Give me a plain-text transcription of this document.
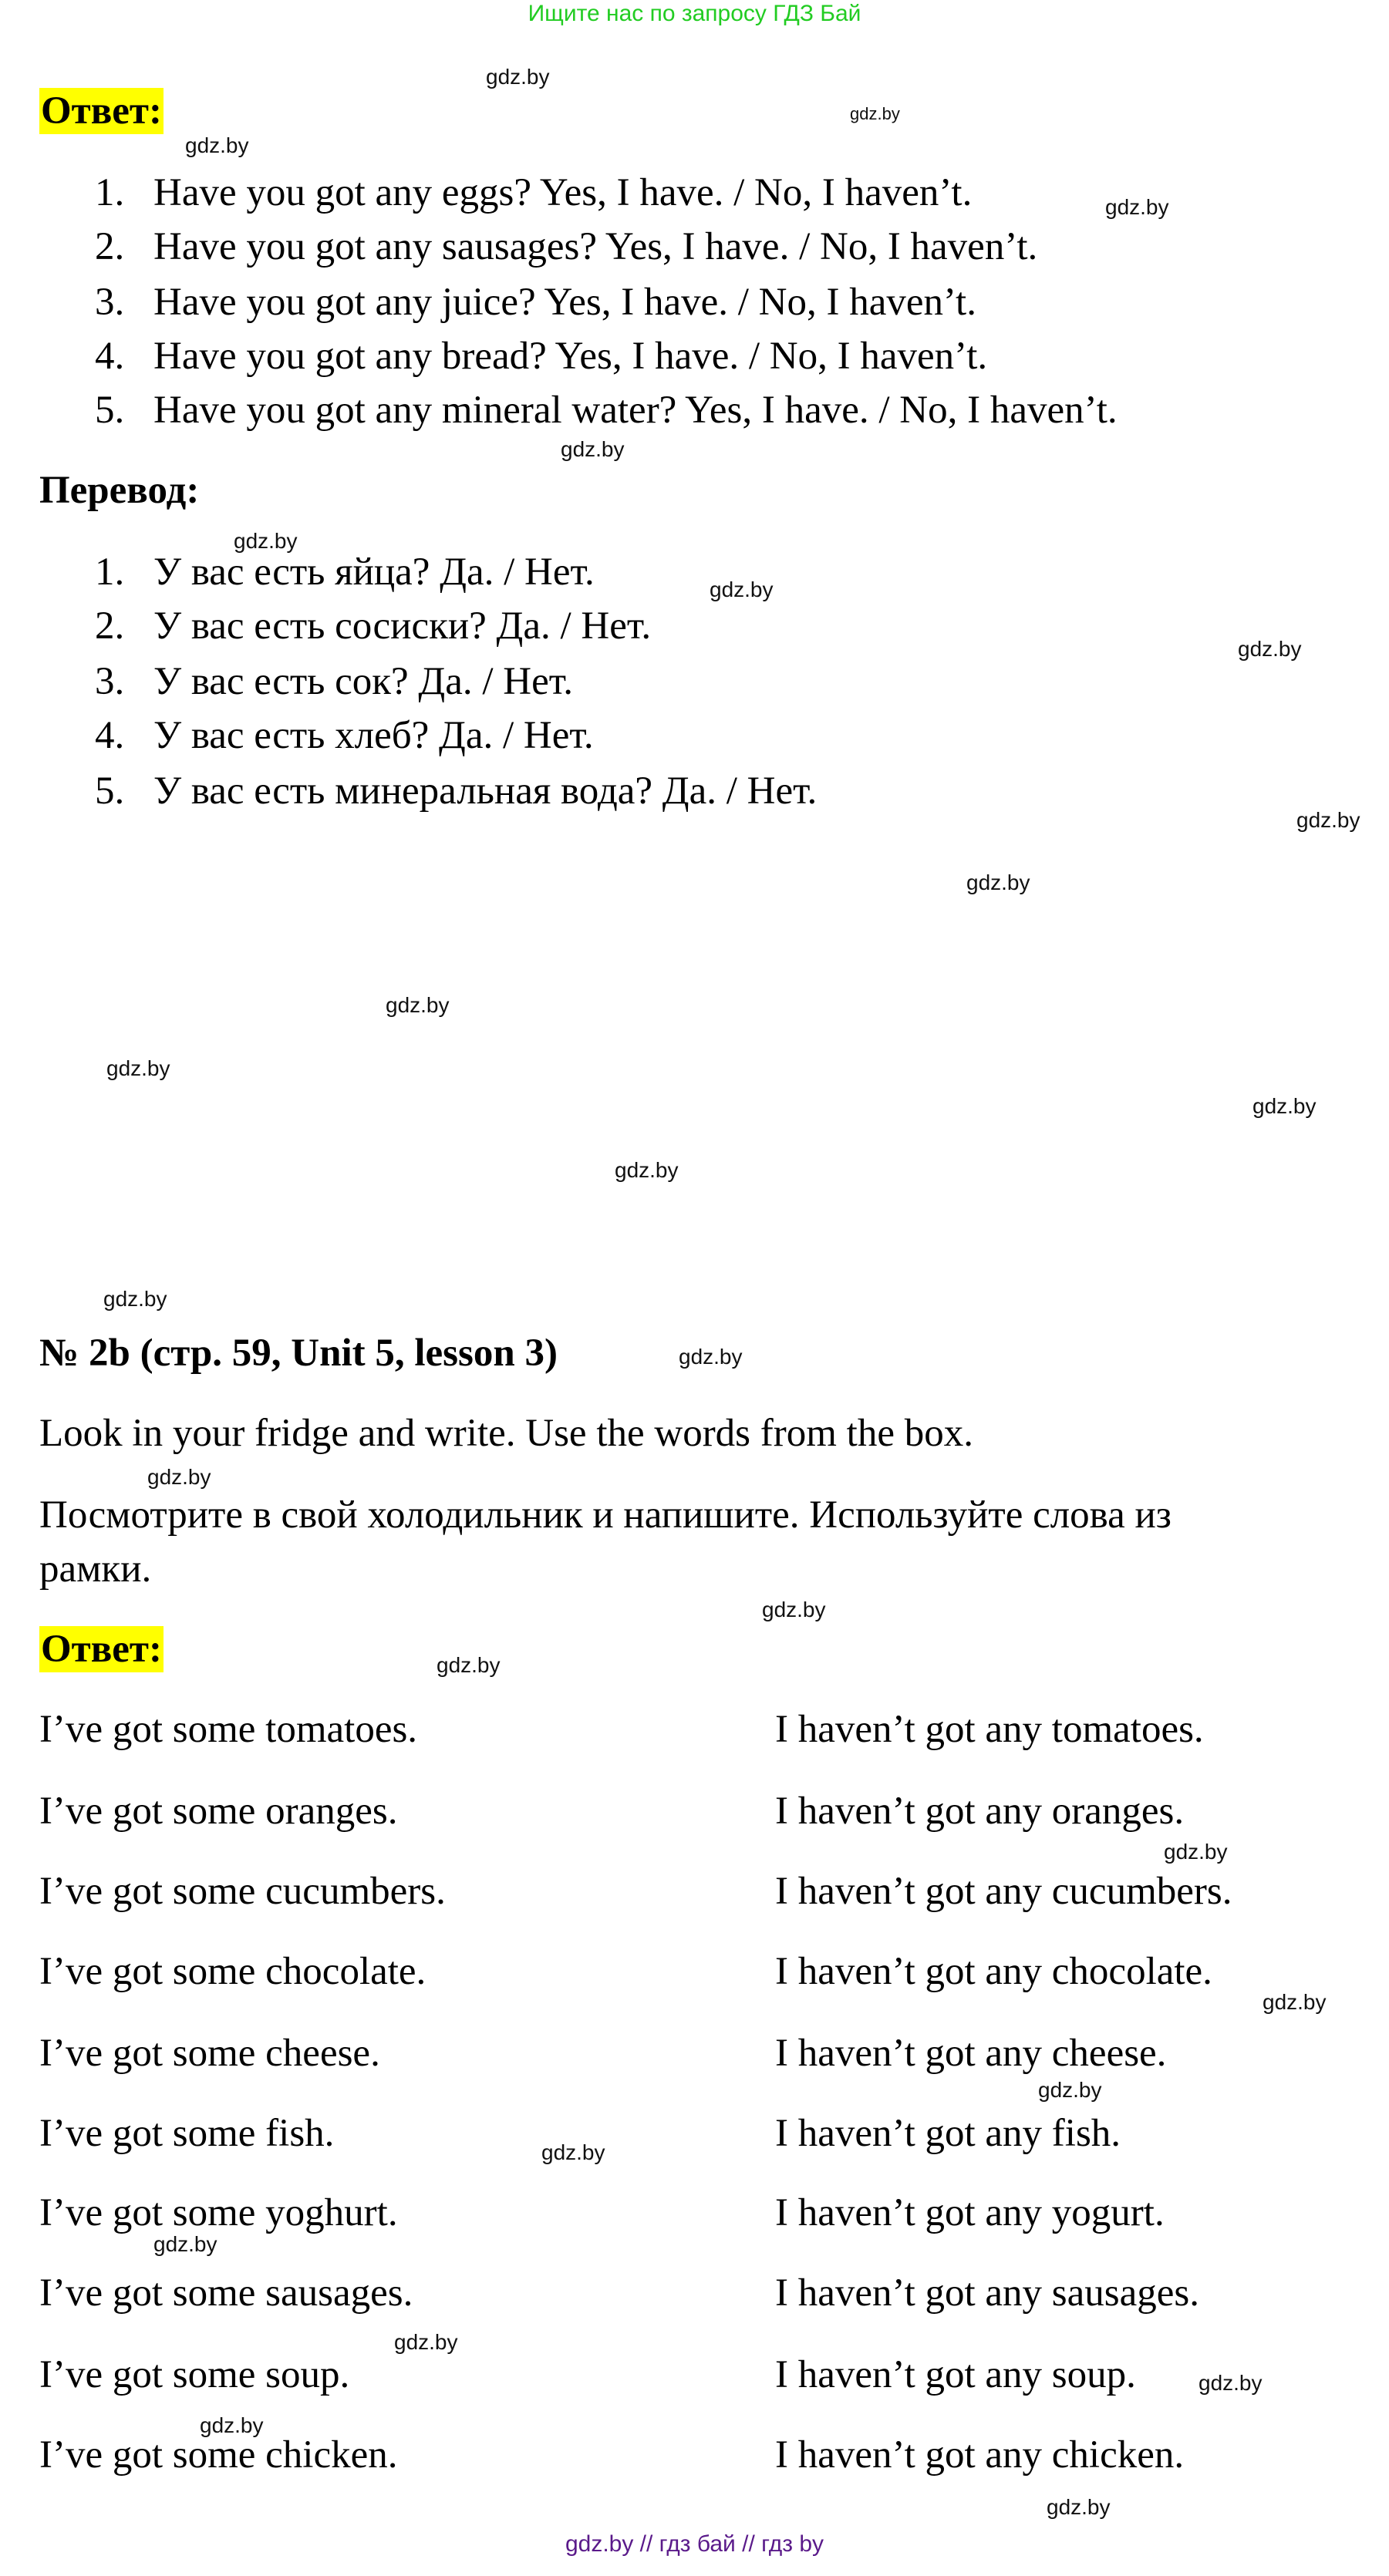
Ищите нас по запросу ГДЗ Бай
Ответ:
1. Have you got any eggs? Yes, I have. / No, I haven’t.
2. Have you got any sausages? Yes, I have. / No, I haven’t.
3. Have you got any juice? Yes, I have. / No, I haven’t.
4. Have you got any bread? Yes, I have. / No, I haven’t.
5. Have you got any mineral water? Yes, I have. / No, I haven’t.
Перевод:
1. У вас есть яйца? Да. / Нет.
2. У вас есть сосиски? Да. / Нет.
3. У вас есть сок? Да. / Нет.
4. У вас есть хлеб? Да. / Нет.
5. У вас есть минеральная вода? Да. / Нет.
№ 2b (стр. 59, Unit 5, lesson 3)
Look in your fridge and write. Use the words from the box.
Посмотрите в свой холодильник и напишите. Используйте слова из
рамки.
Ответ:
I’ve got some tomatoes.	I haven’t got any tomatoes.
I’ve got some oranges.	I haven’t got any oranges.
I’ve got some cucumbers.	I haven’t got any cucumbers.
I’ve got some chocolate.	I haven’t got any chocolate.
I’ve got some cheese.	I haven’t got any cheese.
I’ve got some fish.	I haven’t got any fish.
I’ve got some yoghurt.	I haven’t got any yogurt.
I’ve got some sausages.	I haven’t got any sausages.
I’ve got some soup.	I haven’t got any soup.
I’ve got some chicken.	I haven’t got any chicken.
gdz.by
gdz.by
gdz.by
gdz.by
gdz.by
gdz.by
gdz.by
gdz.by
gdz.by
gdz.by
gdz.by
gdz.by
gdz.by
gdz.by
gdz.by
gdz.by
gdz.by
gdz.by
gdz.by
gdz.by
gdz.by
gdz.by
gdz.by
gdz.by
gdz.by
gdz.by
gdz.by
gdz.by
gdz.by // гдз бай // гдз by
